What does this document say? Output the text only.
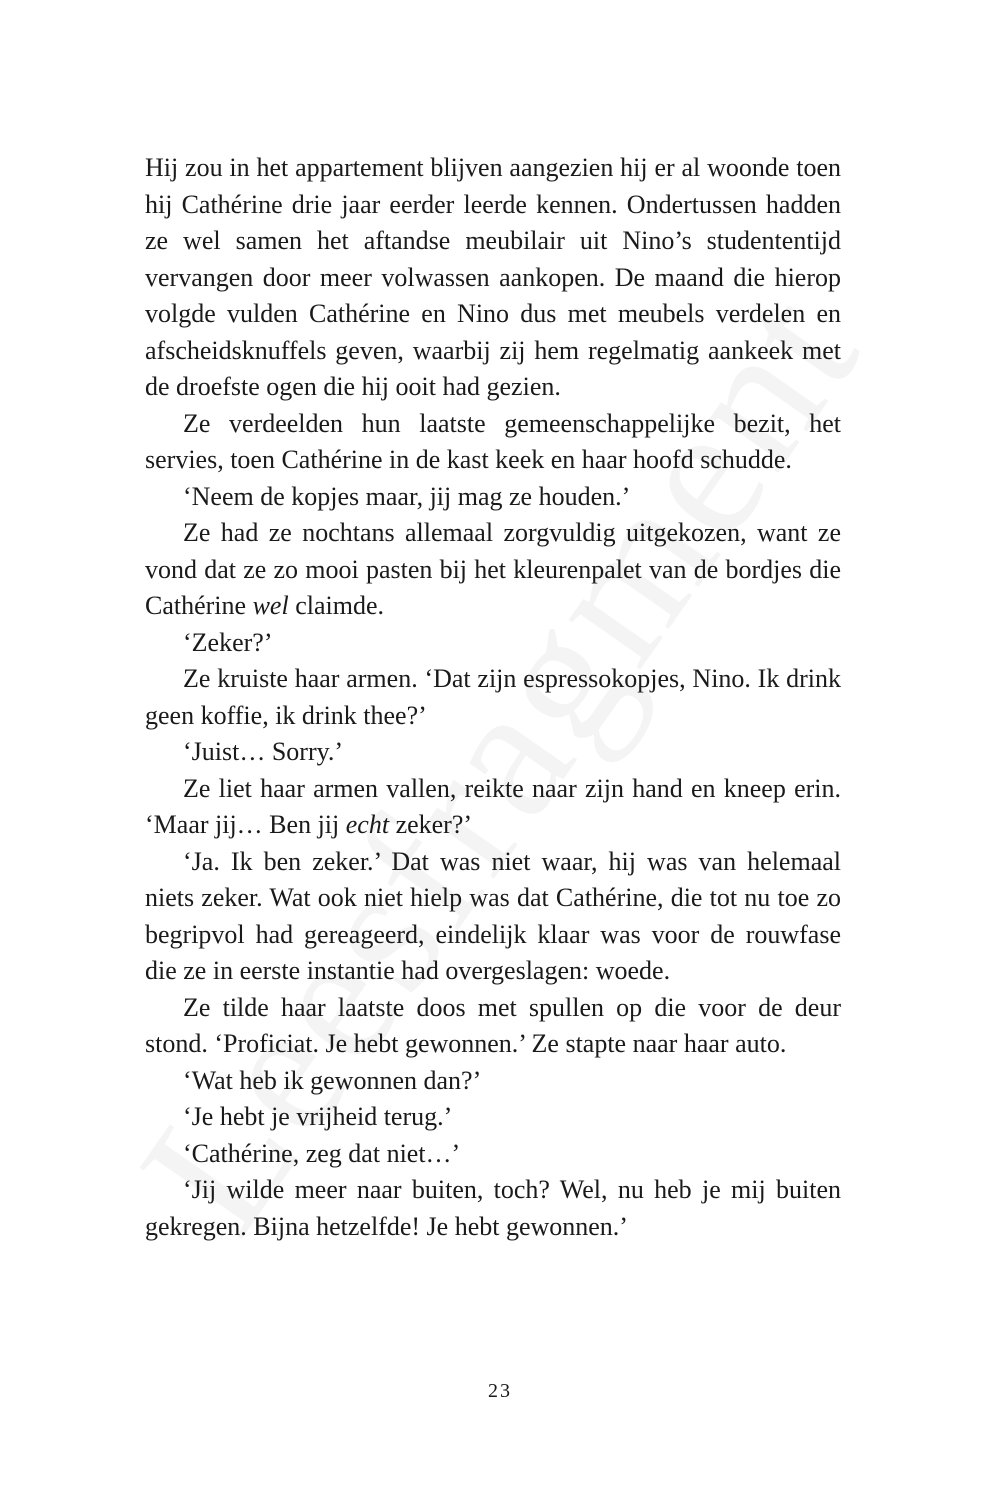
Hij zou in het appartement blijven aangezien hij er al woonde toen hij Cathérine drie jaar eerder leerde kennen. Ondertussen hadden ze wel samen het aftandse meubilair uit Nino’s studententijd vervangen door meer volwassen aankopen. De maand die hierop volgde vulden Cathérine en Nino dus met meubels verdelen en afscheidsknuffels geven, waarbij zij hem regelmatig aankeek met de droefste ogen die hij ooit had gezien.

Ze verdeelden hun laatste gemeenschappelijke bezit, het servies, toen Cathérine in de kast keek en haar hoofd schudde.

‘Neem de kopjes maar, jij mag ze houden.’

Ze had ze nochtans allemaal zorgvuldig uitgekozen, want ze vond dat ze zo mooi pasten bij het kleurenpalet van de bordjes die Cathérine wel claimde.

‘Zeker?’

Ze kruiste haar armen. ‘Dat zijn espressokopjes, Nino. Ik drink geen koffie, ik drink thee?’

‘Juist… Sorry.’

Ze liet haar armen vallen, reikte naar zijn hand en kneep erin. ‘Maar jij… Ben jij echt zeker?’

‘Ja. Ik ben zeker.’ Dat was niet waar, hij was van helemaal niets zeker. Wat ook niet hielp was dat Cathérine, die tot nu toe zo begripvol had gereageerd, eindelijk klaar was voor de rouwfase die ze in eerste instantie had overgeslagen: woede.

Ze tilde haar laatste doos met spullen op die voor de deur stond. ‘Proficiat. Je hebt gewonnen.’ Ze stapte naar haar auto.

‘Wat heb ik gewonnen dan?’

‘Je hebt je vrijheid terug.’

‘Cathérine, zeg dat niet…’

‘Jij wilde meer naar buiten, toch? Wel, nu heb je mij buiten gekregen. Bijna hetzelfde! Je hebt gewonnen.’

23
